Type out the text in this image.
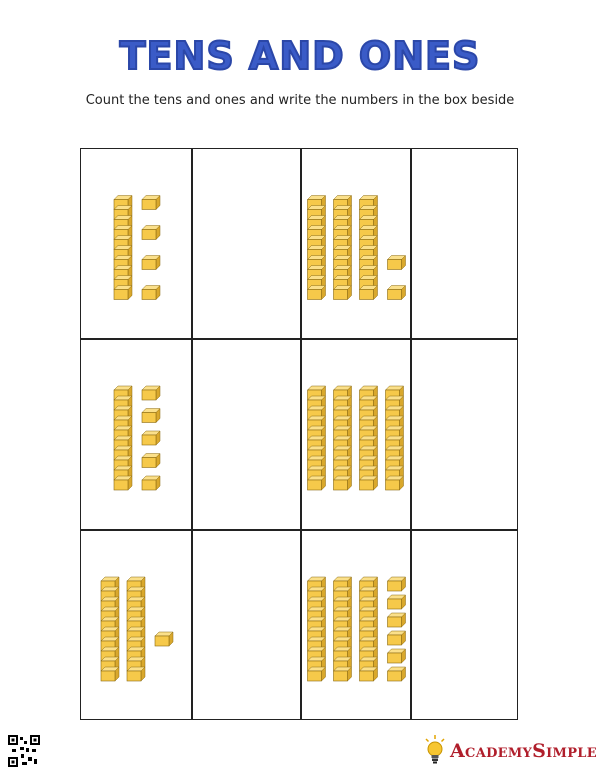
TENS AND ONES
Count the tens and ones and write the numbers in the box beside
AcademySimple
